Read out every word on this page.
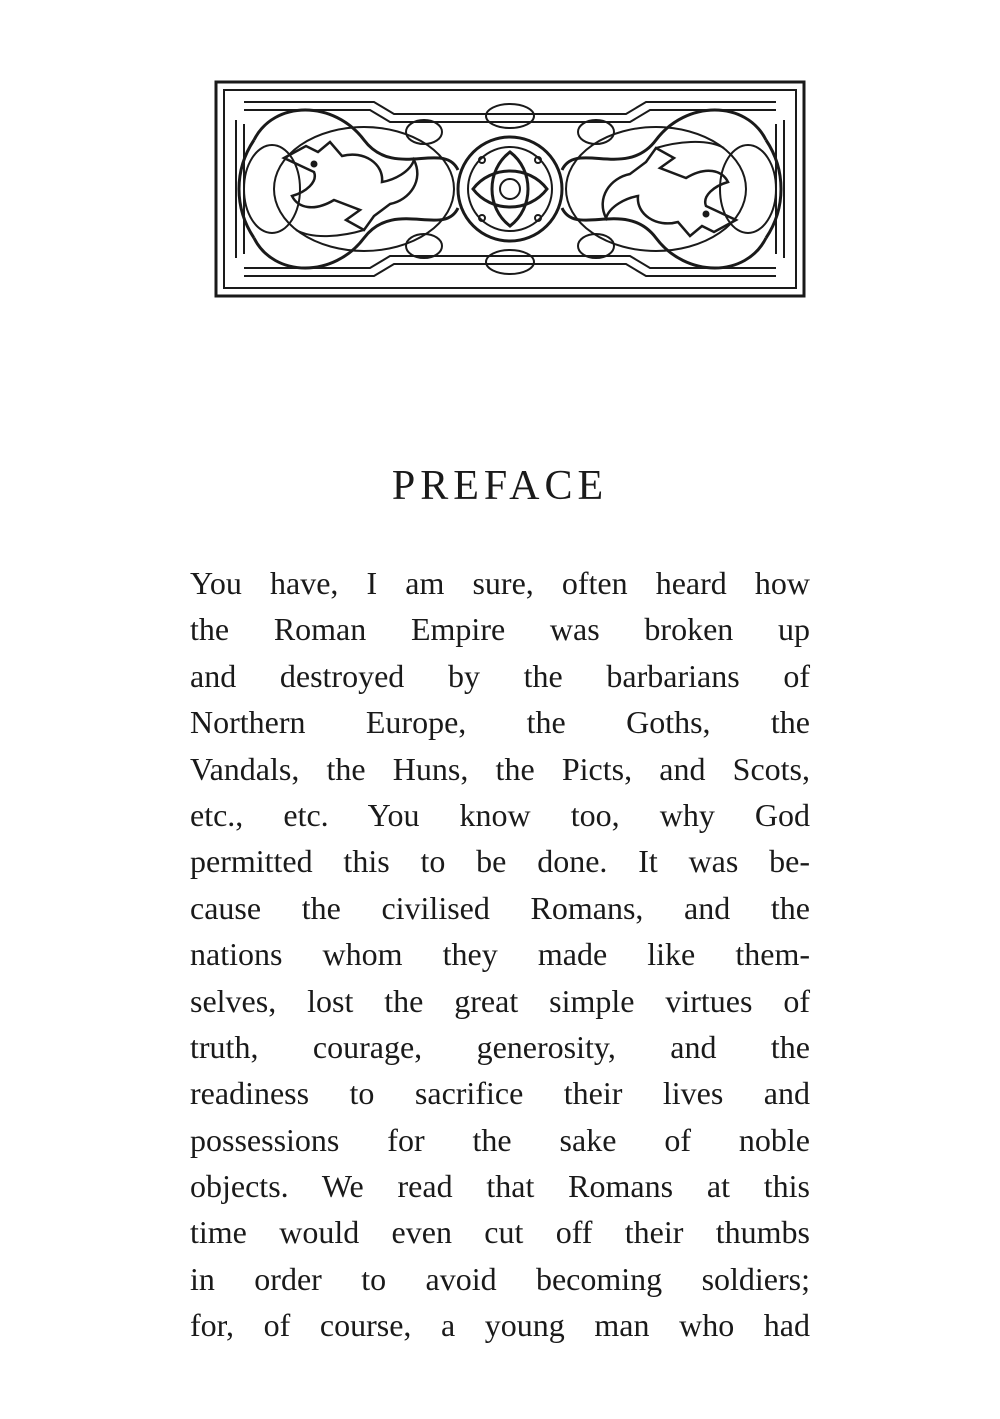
PREFACE
You have, I am sure, often heard how
the Roman Empire was broken up
and destroyed by the barbarians of
Northern Europe, the Goths, the
Vandals, the Huns, the Picts, and Scots,
etc., etc. You know too, why God
permitted this to be done. It was be-
cause the civilised Romans, and the
nations whom they made like them-
selves, lost the great simple virtues of
truth, courage, generosity, and the
readiness to sacrifice their lives and
possessions for the sake of noble
objects. We read that Romans at this
time would even cut off their thumbs
in order to avoid becoming soldiers;
for, of course, a young man who had
